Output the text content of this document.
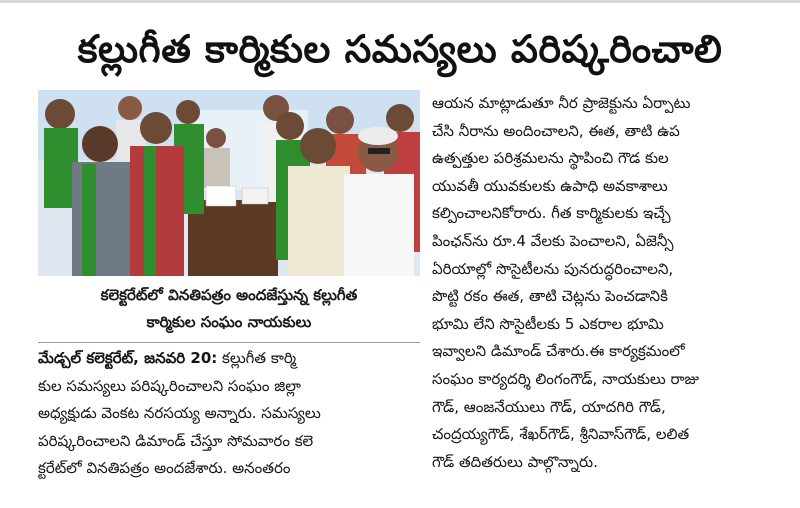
కల్లుగీత కార్మికుల సమస్యలు పరిష్కరించాలి
కలెక్టరేట్‌లో వినతిపత్రం అందజేస్తున్న కల్లుగీత
కార్మికుల సంఘం నాయకులు
మేడ్చల్‌ కలెక్టరేట్‌, జనవరి 20: కల్లుగీత కార్మి
కుల సమస్యలు పరిష్కరించాలని సంఘం జిల్లా
అధ్యక్షుడు వెంకట నరసయ్య అన్నారు. సమస్యలు
పరిష్కరించాలని డిమాండ్‌ చేస్తూ సోమవారం కలె
క్టరేట్‌లో వినతిపత్రం అందజేశారు. అనంతరం
ఆయన మాట్లాడుతూ నీర ప్రాజెక్టును ఏర్పాటు
చేసి నీరాను అందించాలని, ఈత, తాటి ఉప
ఉత్పత్తుల పరిశ్రమలను స్థాపించి గౌడ కుల
యువతీ యువకులకు ఉపాధి అవకాశాలు
కల్పించాలనికోరారు. గీత కార్మికులకు ఇచ్చే
పింఛన్‌ను రూ.4 వేలకు పెంచాలని, ఏజెన్సీ
ఏరియాల్లో సొసైటీలను పునరుద్ధరించాలని,
పొట్టి రకం ఈత, తాటి చెట్లను పెంచడానికి
భూమి లేని సొసైటీలకు 5 ఎకరాల భూమి
ఇవ్వాలని డిమాండ్‌ చేశారు.ఈ కార్యక్రమంలో
సంఘం కార్యదర్శి లింగంగౌడ్‌, నాయకులు రాజు
గౌడ్‌, ఆంజనేయులు గౌడ్‌, యాదగిరి గౌడ్‌,
చంద్రయ్యగౌడ్‌, శేఖర్‌గౌడ్‌, శ్రీనివాస్‌గౌడ్‌, లలిత
గౌడ్‌ తదితరులు పాల్గొన్నారు.
